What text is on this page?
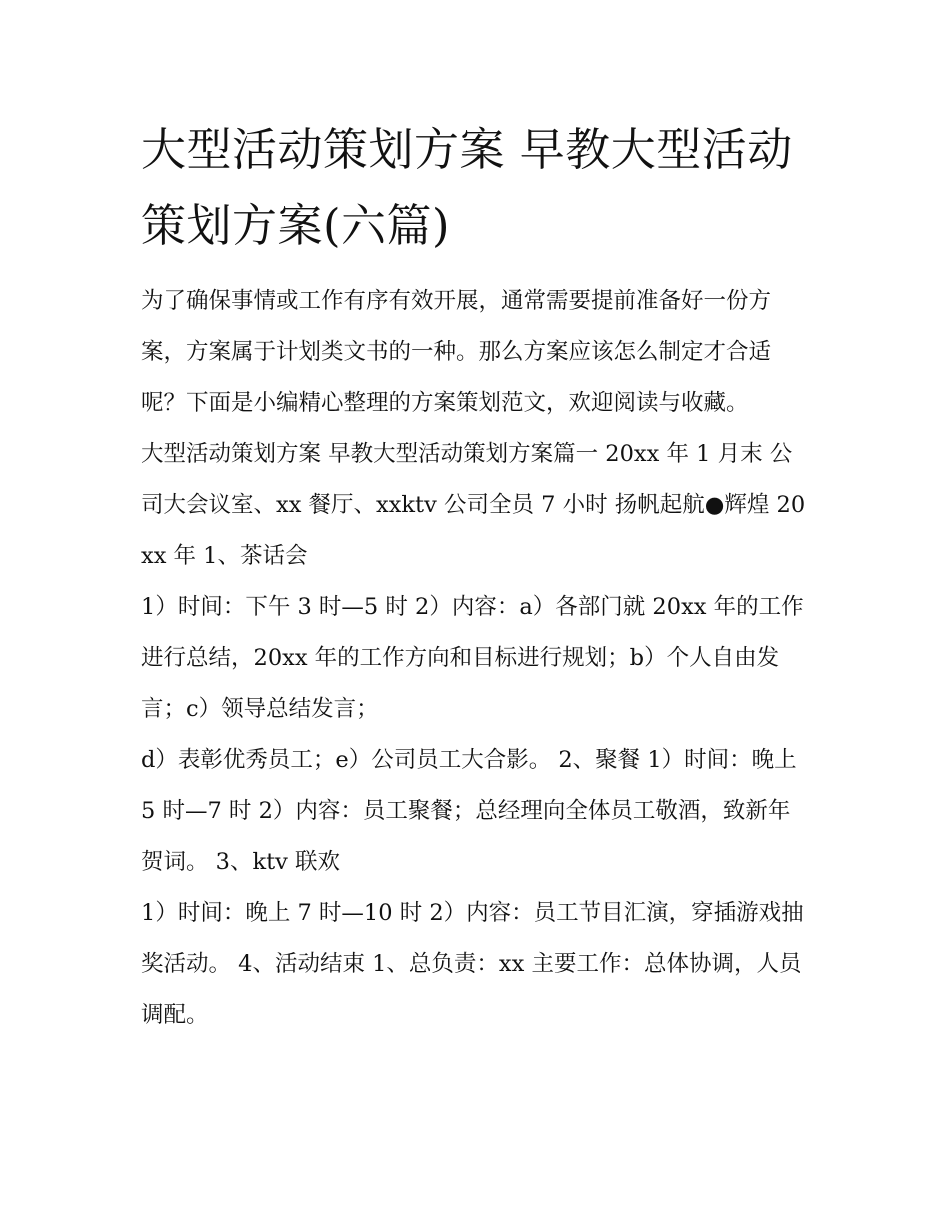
大型活动策划方案 早教大型活动策划方案(六篇)

为了确保事情或工作有序有效开展，通常需要提前准备好一份方案，方案属于计划类文书的一种。那么方案应该怎么制定才合适呢？下面是小编精心整理的方案策划范文，欢迎阅读与收藏。

大型活动策划方案 早教大型活动策划方案篇一 20xx 年 1 月末 公司大会议室、xx 餐厅、xxktv 公司全员 7 小时 扬帆起航●辉煌 20xx 年 1、茶话会

1）时间：下午 3 时—5 时 2）内容：a）各部门就 20xx 年的工作进行总结，20xx 年的工作方向和目标进行规划；b）个人自由发言；c）领导总结发言；

d）表彰优秀员工；e）公司员工大合影。 2、聚餐 1）时间：晚上 5 时—7 时 2）内容：员工聚餐；总经理向全体员工敬酒，致新年贺词。 3、ktv 联欢

1）时间：晚上 7 时—10 时 2）内容：员工节目汇演，穿插游戏抽奖活动。 4、活动结束 1、总负责：xx 主要工作：总体协调，人员调配。
